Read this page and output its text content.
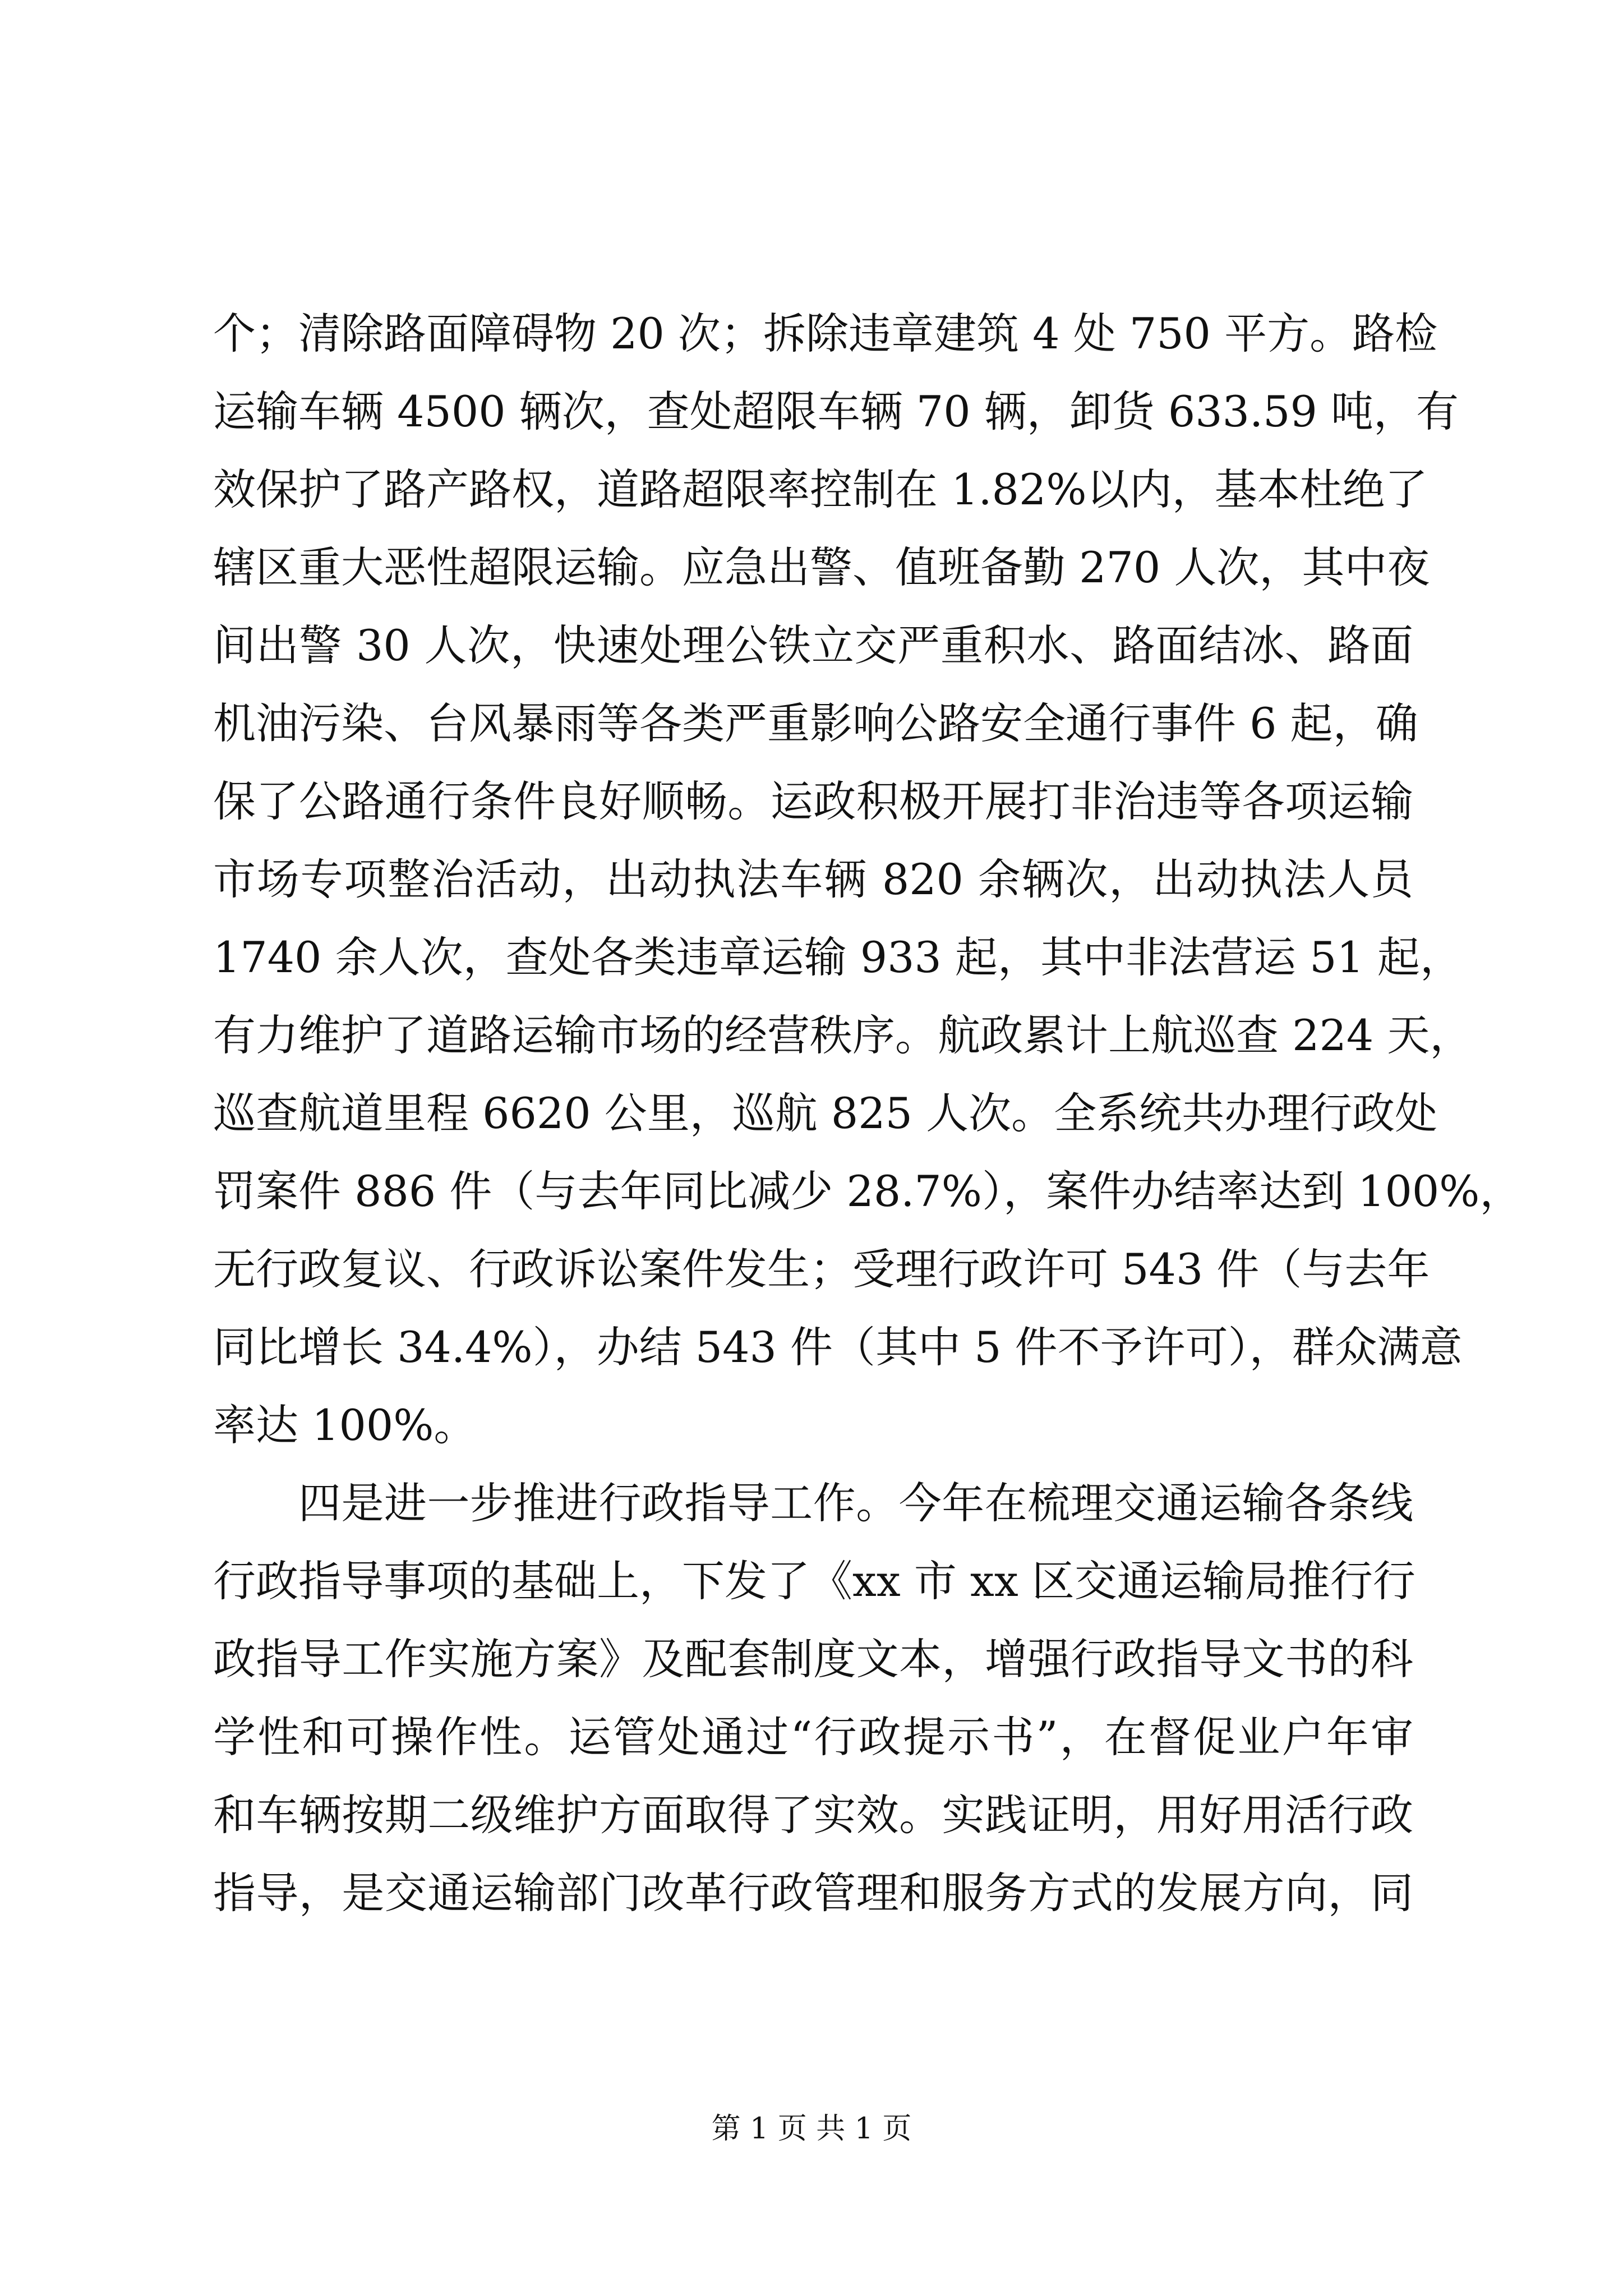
个；清除路面障碍物 20 次；拆除违章建筑 4 处 750 平方。路检
运输车辆 4500 辆次，查处超限车辆 70 辆，卸货 633.59 吨，有
效保护了路产路权，道路超限率控制在 1.82%以内，基本杜绝了
辖区重大恶性超限运输。应急出警、值班备勤 270 人次，其中夜
间出警 30 人次，快速处理公铁立交严重积水、路面结冰、路面
机油污染、台风暴雨等各类严重影响公路安全通行事件 6 起，确
保了公路通行条件良好顺畅。运政积极开展打非治违等各项运输
市场专项整治活动，出动执法车辆 820 余辆次，出动执法人员
1740 余人次，查处各类违章运输 933 起，其中非法营运 51 起，
有力维护了道路运输市场的经营秩序。航政累计上航巡查 224 天，
巡查航道里程 6620 公里，巡航 825 人次。全系统共办理行政处
罚案件 886 件（与去年同比减少 28.7%），案件办结率达到 100%，
无行政复议、行政诉讼案件发生；受理行政许可 543 件（与去年
同比增长 34.4%），办结 543 件（其中 5 件不予许可），群众满意
率达 100%。
四是进一步推进行政指导工作。今年在梳理交通运输各条线
行政指导事项的基础上，下发了《xx 市 xx 区交通运输局推行行
政指导工作实施方案》及配套制度文本，增强行政指导文书的科
学性和可操作性。运管处通过“行政提示书”，在督促业户年审
和车辆按期二级维护方面取得了实效。实践证明，用好用活行政
指导，是交通运输部门改革行政管理和服务方式的发展方向，同
第 1 页 共 1 页
